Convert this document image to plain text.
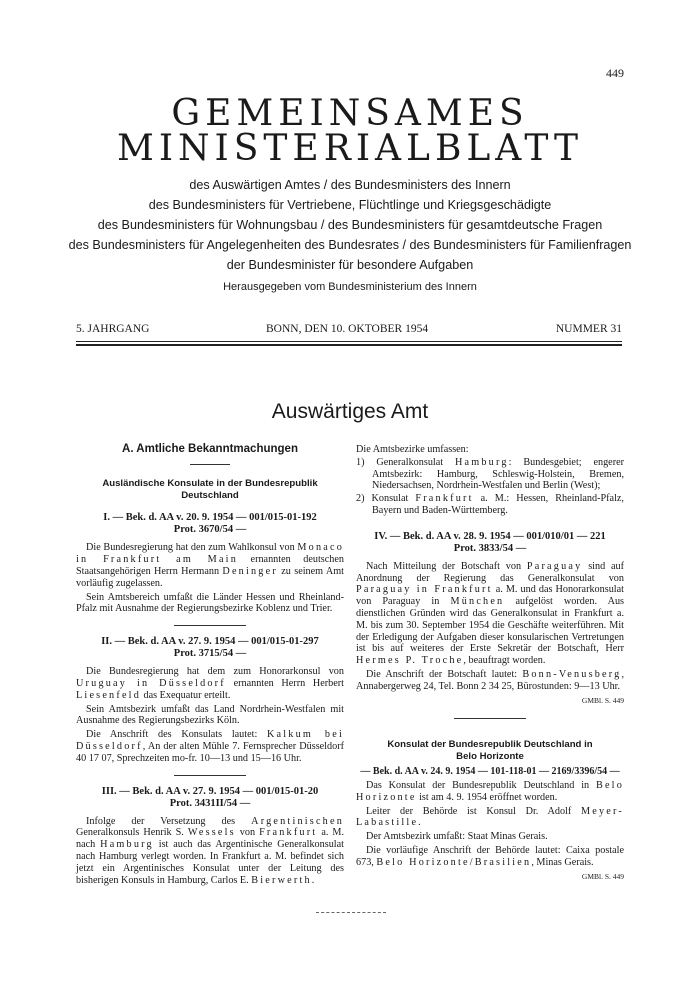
449
GEMEINSAMES
MINISTERIALBLATT
des Auswärtigen Amtes / des Bundesministers des Innern
des Bundesministers für Vertriebene, Flüchtlinge und Kriegsgeschädigte
des Bundesministers für Wohnungsbau / des Bundesministers für gesamtdeutsche Fragen
des Bundesministers für Angelegenheiten des Bundesrates / des Bundesministers für Familienfragen
der Bundesminister für besondere Aufgaben
Herausgegeben vom Bundesministerium des Innern
5. JAHRGANG	BONN, DEN 10. OKTOBER 1954	NUMMER 31
Auswärtiges Amt
A. Amtliche Bekanntmachungen
Ausländische Konsulate in der Bundesrepublik Deutschland
I. — Bek. d. AA v. 20. 9. 1954 — 001/015-01-192
Prot. 3670/54 —

Die Bundesregierung hat den zum Wahlkonsul von Monaco in Frankfurt am Main ernannten deutschen Staatsangehörigen Herrn Hermann Deninger zu seinem Amt vorläufig zugelassen.

Sein Amtsbereich umfaßt die Länder Hessen und Rheinland-Pfalz mit Ausnahme der Regierungsbezirke Koblenz und Trier.

II. — Bek. d. AA v. 27. 9. 1954 — 001/015-01-297
Prot. 3715/54 —

Die Bundesregierung hat dem zum Honorarkonsul von Uruguay in Düsseldorf ernannten Herrn Herbert Liesenfeld das Exequatur erteilt.

Sein Amtsbezirk umfaßt das Land Nordrhein-Westfalen mit Ausnahme des Regierungsbezirks Köln.

Die Anschrift des Konsulats lautet: Kalkum bei Düsseldorf, An der alten Mühle 7. Fernsprecher Düsseldorf 40 17 07, Sprechzeiten mo-fr. 10—13 und 15—16 Uhr.

III. — Bek. d. AA v. 27. 9. 1954 — 001/015-01-20
Prot. 3431II/54 —

Infolge der Versetzung des Argentinischen Generalkonsuls Henrik S. Wessels von Frankfurt a. M. nach Hamburg ist auch das Argentinische Generalkonsulat nach Hamburg verlegt worden. In Frankfurt a. M. befindet sich jetzt ein Argentinisches Konsulat unter der Leitung des bisherigen Konsuls in Hamburg, Carlos E. Bierwerth.

Die Amtsbezirke umfassen:
1) Generalkonsulat Hamburg: Bundesgebiet; engerer Amtsbezirk: Hamburg, Schleswig-Holstein, Bremen, Niedersachsen, Nordrhein-Westfalen und Berlin (West);
2) Konsulat Frankfurt a. M.: Hessen, Rheinland-Pfalz, Bayern und Baden-Württemberg.
IV. — Bek. d. AA v. 28. 9. 1954 — 001/010/01 — 221
Prot. 3833/54 —

Nach Mitteilung der Botschaft von Paraguay sind auf Anordnung der Regierung das Generalkonsulat von Paraguay in Frankfurt a. M. und das Honorarkonsulat von Paraguay in München aufgelöst worden. Aus dienstlichen Gründen wird das Generalkonsulat in Frankfurt a. M. bis zum 30. September 1954 die Geschäfte weiterführen. Mit der Erledigung der Aufgaben dieser konsularischen Vertretungen ist bis auf weiteres der Erste Sekretär der Botschaft, Herr Hermes P. Troche, beauftragt worden.

Die Anschrift der Botschaft lautet: Bonn-Venusberg, Annabergerweg 24, Tel. Bonn 2 34 25, Bürostunden: 9—13 Uhr.

GMBl. S. 449
Konsulat der Bundesrepublik Deutschland in
Belo Horizonte
— Bek. d. AA v. 24. 9. 1954 — 101-118-01 — 2169/3396/54 —

Das Konsulat der Bundesrepublik Deutschland in Belo Horizonte ist am 4. 9. 1954 eröffnet worden.

Leiter der Behörde ist Konsul Dr. Adolf Meyer-Labastille.

Der Amtsbezirk umfaßt: Staat Minas Gerais.

Die vorläufige Anschrift der Behörde lautet: Caixa postale 673, Belo Horizonte/Brasilien, Minas Gerais.

GMBl. S. 449
